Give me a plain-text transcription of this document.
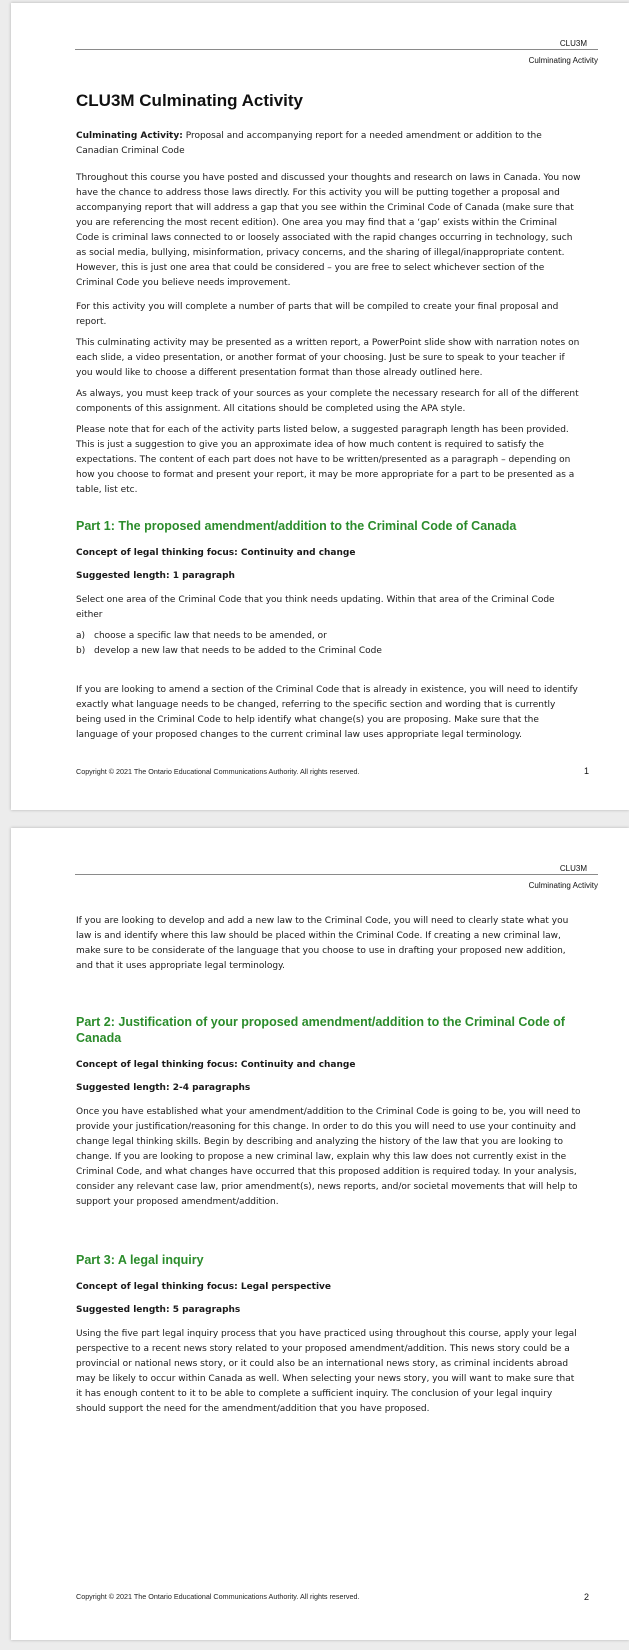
CLU3M
Culminating Activity
CLU3M Culminating Activity

Culminating Activity: Proposal and accompanying report for a needed amendment or addition to the Canadian Criminal Code

Throughout this course you have posted and discussed your thoughts and research on laws in Canada. You now have the chance to address those laws directly. For this activity you will be putting together a proposal and accompanying report that will address a gap that you see within the Criminal Code of Canada (make sure that you are referencing the most recent edition). One area you may find that a ‘gap’ exists within the Criminal Code is criminal laws connected to or loosely associated with the rapid changes occurring in technology, such as social media, bullying, misinformation, privacy concerns, and the sharing of illegal/inappropriate content. However, this is just one area that could be considered – you are free to select whichever section of the Criminal Code you believe needs improvement.

For this activity you will complete a number of parts that will be compiled to create your final proposal and report.

This culminating activity may be presented as a written report, a PowerPoint slide show with narration notes on each slide, a video presentation, or another format of your choosing. Just be sure to speak to your teacher if you would like to choose a different presentation format than those already outlined here.

As always, you must keep track of your sources as your complete the necessary research for all of the different components of this assignment. All citations should be completed using the APA style.

Please note that for each of the activity parts listed below, a suggested paragraph length has been provided. This is just a suggestion to give you an approximate idea of how much content is required to satisfy the expectations. The content of each part does not have to be written/presented as a paragraph – depending on how you choose to format and present your report, it may be more appropriate for a part to be presented as a table, list etc.

Part 1: The proposed amendment/addition to the Criminal Code of Canada
Concept of legal thinking focus: Continuity and change
Suggested length: 1 paragraph

Select one area of the Criminal Code that you think needs updating. Within that area of the Criminal Code either

a) choose a specific law that needs to be amended, or
b) develop a new law that needs to be added to the Criminal Code

If you are looking to amend a section of the Criminal Code that is already in existence, you will need to identify exactly what language needs to be changed, referring to the specific section and wording that is currently being used in the Criminal Code to help identify what change(s) you are proposing. Make sure that the language of your proposed changes to the current criminal law uses appropriate legal terminology.

Copyright © 2021 The Ontario Educational Communications Authority. All rights reserved.	1
CLU3M
Culminating Activity

If you are looking to develop and add a new law to the Criminal Code, you will need to clearly state what you law is and identify where this law should be placed within the Criminal Code. If creating a new criminal law, make sure to be considerate of the language that you choose to use in drafting your proposed new addition, and that it uses appropriate legal terminology.

Part 2: Justification of your proposed amendment/addition to the Criminal Code of Canada
Concept of legal thinking focus: Continuity and change
Suggested length: 2-4 paragraphs

Once you have established what your amendment/addition to the Criminal Code is going to be, you will need to provide your justification/reasoning for this change. In order to do this you will need to use your continuity and change legal thinking skills. Begin by describing and analyzing the history of the law that you are looking to change. If you are looking to propose a new criminal law, explain why this law does not currently exist in the Criminal Code, and what changes have occurred that this proposed addition is required today. In your analysis, consider any relevant case law, prior amendment(s), news reports, and/or societal movements that will help to support your proposed amendment/addition.

Part 3: A legal inquiry
Concept of legal thinking focus: Legal perspective
Suggested length: 5 paragraphs

Using the five part legal inquiry process that you have practiced using throughout this course, apply your legal perspective to a recent news story related to your proposed amendment/addition. This news story could be a provincial or national news story, or it could also be an international news story, as criminal incidents abroad may be likely to occur within Canada as well. When selecting your news story, you will want to make sure that it has enough content to it to be able to complete a sufficient inquiry. The conclusion of your legal inquiry should support the need for the amendment/addition that you have proposed.

Copyright © 2021 The Ontario Educational Communications Authority. All rights reserved.	2
